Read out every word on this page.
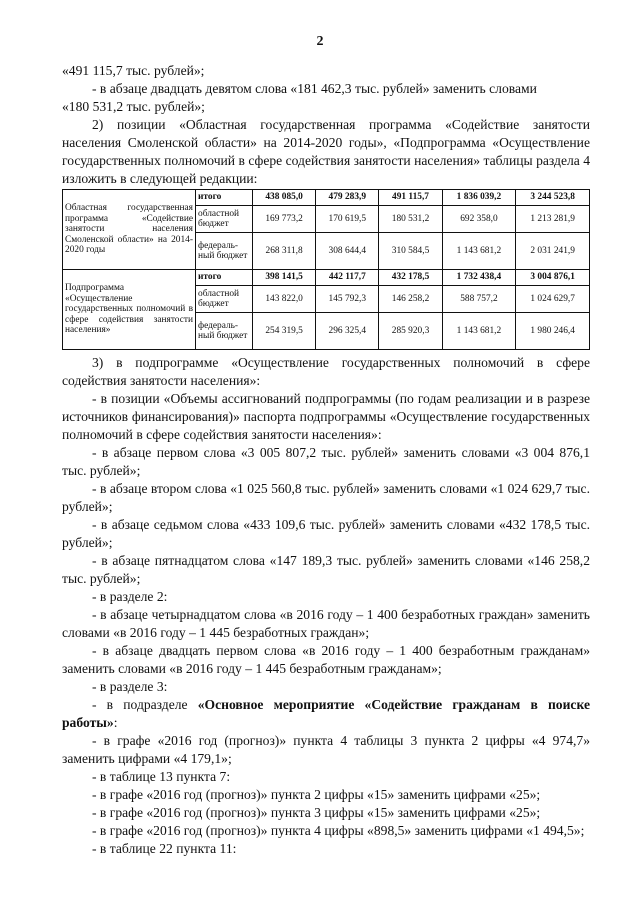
2

«491 115,7 тыс. рублей»;

- в абзаце двадцать девятом слова «181 462,3 тыс. рублей» заменить словами

«180 531,2 тыс. рублей»;

2) позиции «Областная государственная программа «Содействие занятости населения Смоленской области» на 2014-2020 годы», «Подпрограмма «Осуществление государственных полномочий в сфере содействия занятости населения» таблицы раздела 4 изложить в следующей редакции:

Областная государственная программа «Содействие занятости населения Смоленской области» на 2014-2020 годы	итого	438 085,0	479 283,9	491 115,7	1 836 039,2	3 244 523,8
	областной бюджет	169 773,2	170 619,5	180 531,2	692 358,0	1 213 281,9
	федераль-ный бюджет	268 311,8	308 644,4	310 584,5	1 143 681,2	2 031 241,9
Подпрограмма «Осуществление государственных полномочий в сфере содействия занятости населения»	итого	398 141,5	442 117,7	432 178,5	1 732 438,4	3 004 876,1
	областной бюджет	143 822,0	145 792,3	146 258,2	588 757,2	1 024 629,7
	федераль-ный бюджет	254 319,5	296 325,4	285 920,3	1 143 681,2	1 980 246,4

3) в подпрограмме «Осуществление государственных полномочий в сфере содействия занятости населения»:

- в позиции «Объемы ассигнований подпрограммы (по годам реализации и в разрезе источников финансирования)» паспорта подпрограммы «Осуществление государственных полномочий в сфере содействия занятости населения»:

- в абзаце первом слова «3 005 807,2 тыс. рублей» заменить словами «3 004 876,1 тыс. рублей»;

- в абзаце втором слова «1 025 560,8 тыс. рублей» заменить словами «1 024 629,7 тыс. рублей»;

- в абзаце седьмом слова «433 109,6 тыс. рублей» заменить словами «432 178,5 тыс. рублей»;

- в абзаце пятнадцатом слова «147 189,3 тыс. рублей» заменить словами «146 258,2 тыс. рублей»;

- в разделе 2:

- в абзаце четырнадцатом слова «в 2016 году – 1 400 безработных граждан» заменить словами «в 2016 году – 1 445 безработных граждан»;

- в абзаце двадцать первом слова «в 2016 году – 1 400 безработным гражданам» заменить словами «в 2016 году – 1 445 безработным гражданам»;

- в разделе 3:

- в подразделе «Основное мероприятие «Содействие гражданам в поиске работы»:

- в графе «2016 год (прогноз)» пункта 4 таблицы 3 пункта 2 цифры «4 974,7» заменить цифрами «4 179,1»;

- в таблице 13 пункта 7:

- в графе «2016 год (прогноз)» пункта 2 цифры «15» заменить цифрами «25»;

- в графе «2016 год (прогноз)» пункта 3 цифры «15» заменить цифрами «25»;

- в графе «2016 год (прогноз)» пункта 4 цифры «898,5» заменить цифрами «1 494,5»;

- в таблице 22 пункта 11:
